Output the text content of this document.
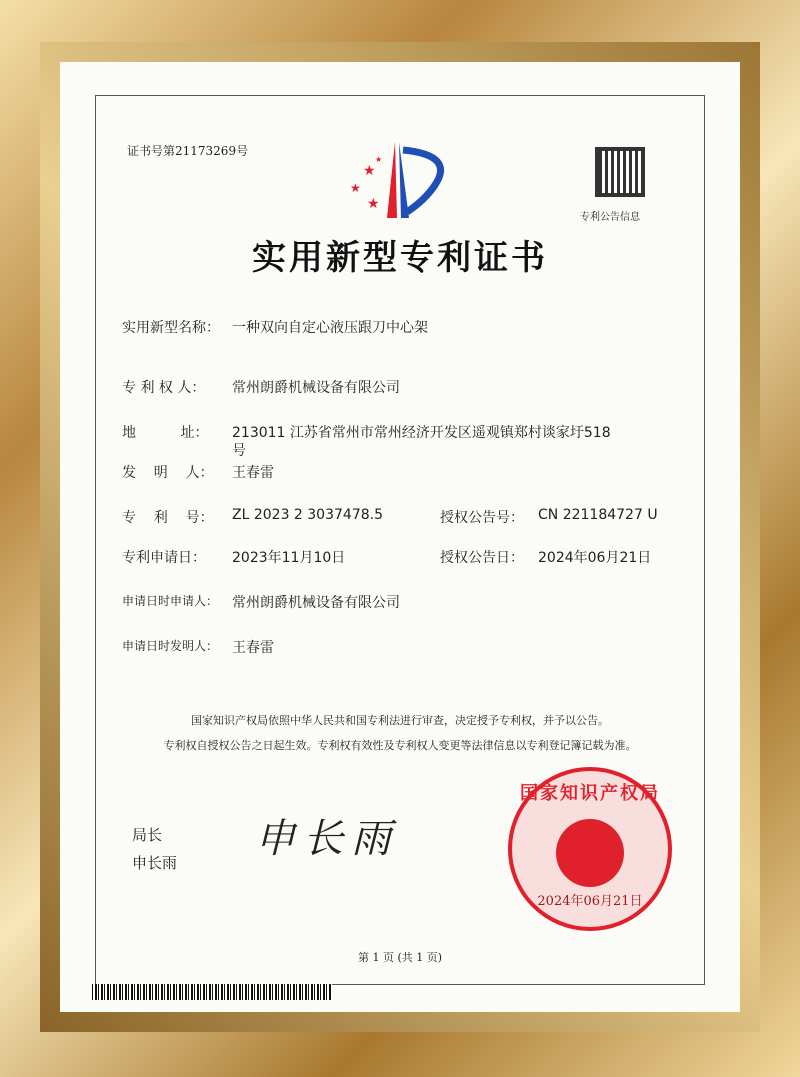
证书号第21173269号
★
★
★
★
专利公告信息
实用新型专利证书
实用新型名称： 一种双向自定心液压跟刀中心架
专 利 权 人： 常州朗爵机械设备有限公司
地          址： 213011 江苏省常州市常州经济开发区遥观镇郑村谈家圩518
号
发    明    人： 王春雷
专    利    号： ZL 2023 2 3037478.5	授权公告号： CN 221184727 U
专利申请日： 2023年11月10日	授权公告日： 2024年06月21日
申请日时申请人： 常州朗爵机械设备有限公司
申请日时发明人： 王春雷
国家知识产权局依照中华人民共和国专利法进行审查，决定授予专利权，并予以公告。
专利权自授权公告之日起生效。专利权有效性及专利权人变更等法律信息以专利登记簿记载为准。
局长
申长雨
申长雨
国家知识产权局
2024年06月21日
第 1 页 (共 1 页)
